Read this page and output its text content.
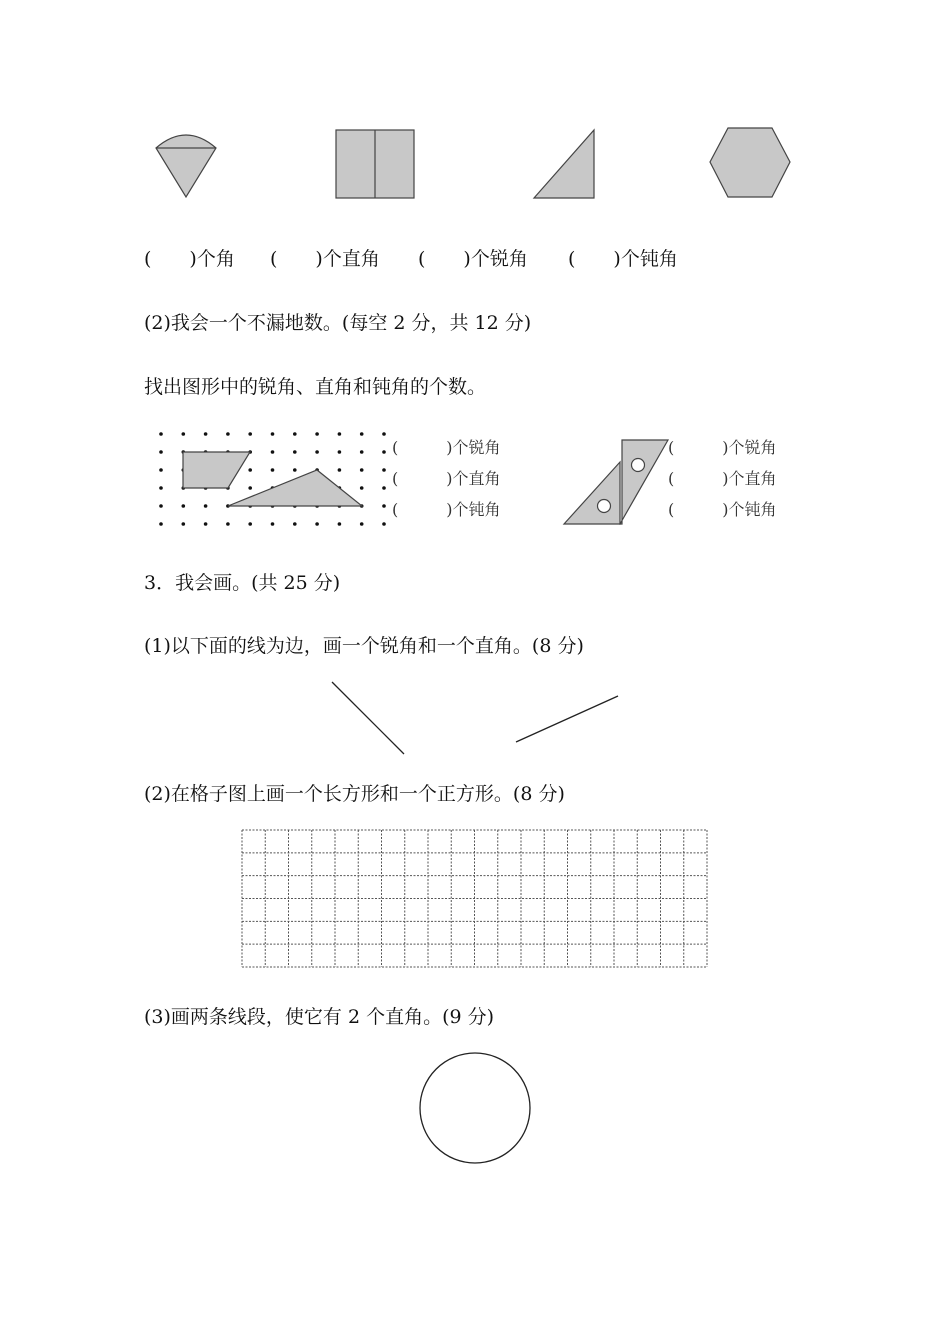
(　　)个角 (　　)个直角 (　　)个锐角 (　　)个钝角
(2)我会一个不漏地数。(每空 2 分，共 12 分)
找出图形中的锐角、直角和钝角的个数。
(　　　)个锐角
(　　　)个直角
(　　　)个钝角
(　　　)个锐角
(　　　)个直角
(　　　)个钝角
3．我会画。(共 25 分)
(1)以下面的线为边，画一个锐角和一个直角。(8 分)
(2)在格子图上画一个长方形和一个正方形。(8 分)
(3)画两条线段，使它有 2 个直角。(9 分)
